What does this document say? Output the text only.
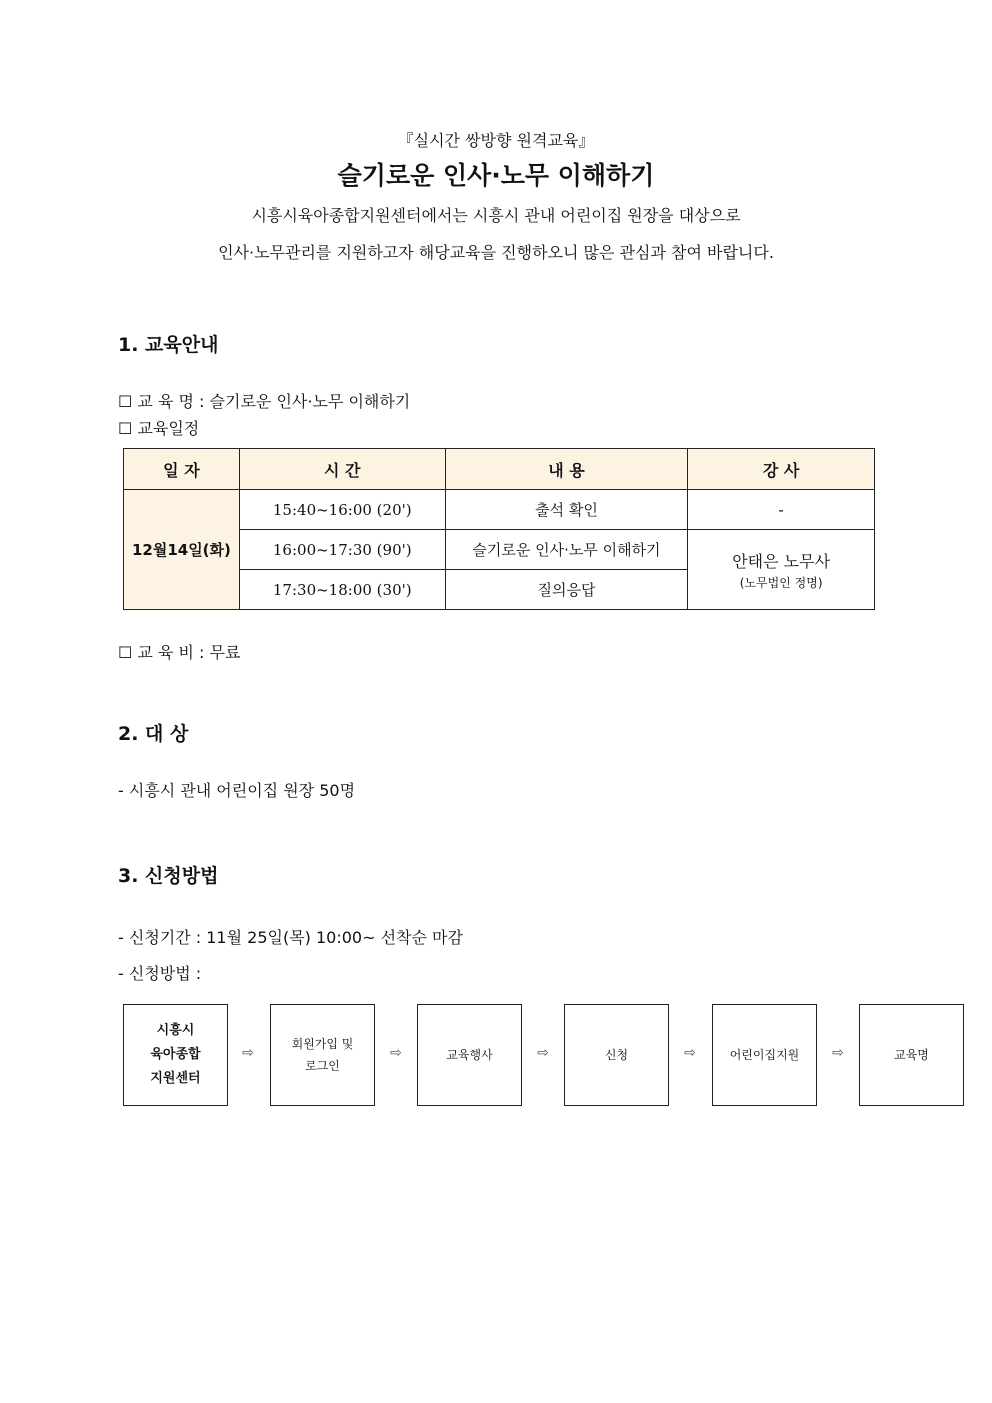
『실시간 쌍방향 원격교육』
슬기로운 인사·노무 이해하기
시흥시육아종합지원센터에서는 시흥시 관내 어린이집 원장을 대상으로
인사·노무관리를 지원하고자 해당교육을 진행하오니 많은 관심과 참여 바랍니다.
1. 교육안내
☐ 교 육 명 : 슬기로운 인사·노무 이해하기
☐ 교육일정
일 자	시 간	내 용	강 사
12월14일(화)	15:40~16:00 (20')	출석 확인	-
	16:00~17:30 (90')	슬기로운 인사·노무 이해하기	안태은 노무사
(노무법인 정명)

	17:30~18:00 (30')	질의응답	
☐ 교 육 비 : 무료
2. 대 상
- 시흥시 관내 어린이집 원장 50명
3. 신청방법
- 신청기간 : 11월 25일(목) 10:00~ 선착순 마감
- 신청방법 :
시흥시
육아종합
지원센터
⇨
회원가입 및
로그인
⇨	교육행사	⇨	신청	⇨	어린이집지원	⇨	교육명
